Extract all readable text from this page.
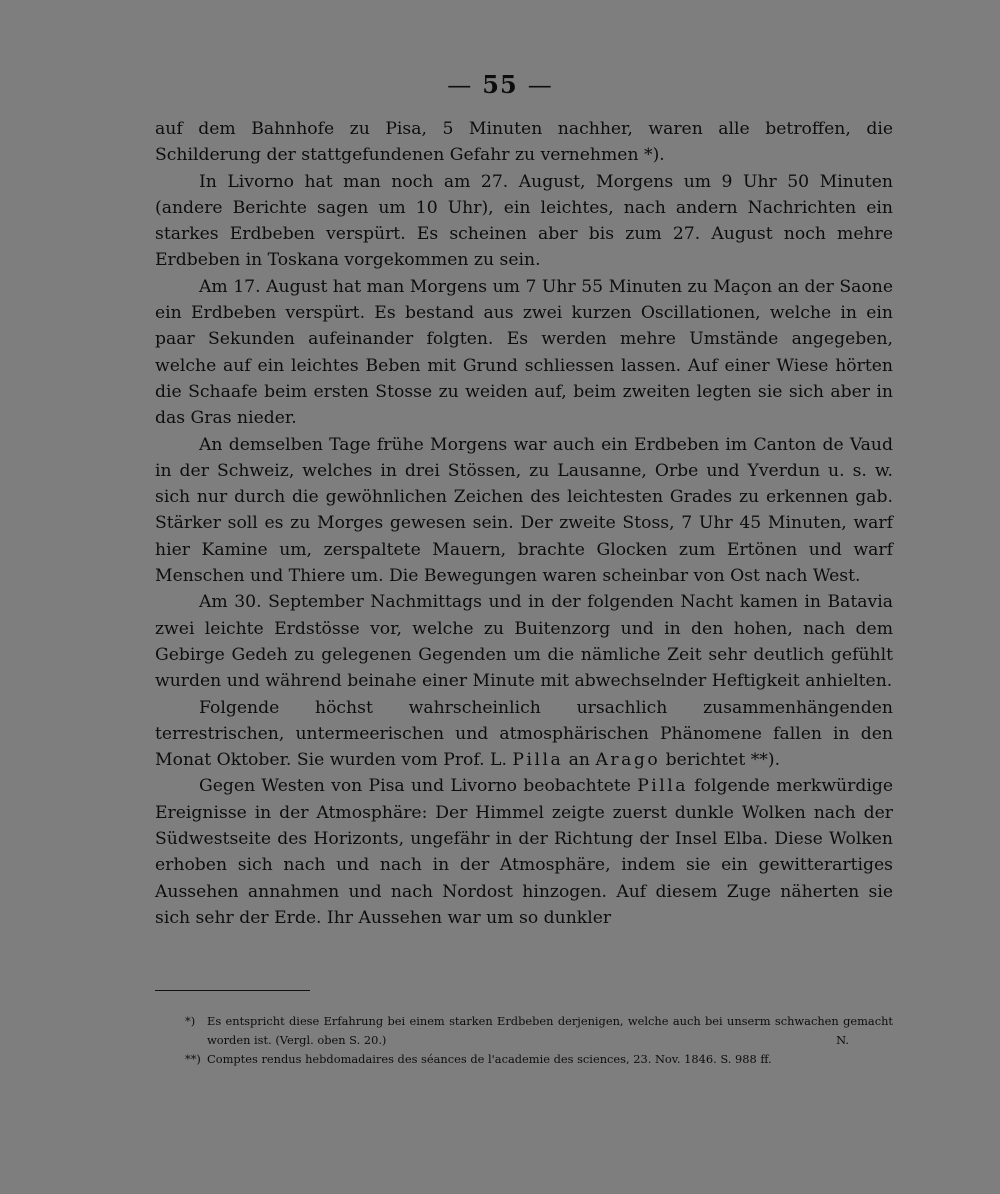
— 55 —

auf dem Bahnhofe zu Pisa, 5 Minuten nachher, waren alle betroffen, die Schilderung der stattgefundenen Gefahr zu vernehmen *).

In Livorno hat man noch am 27. August, Morgens um 9 Uhr 50 Minuten (andere Berichte sagen um 10 Uhr), ein leichtes, nach andern Nachrichten ein starkes Erdbeben verspürt. Es scheinen aber bis zum 27. August noch mehre Erdbeben in Toskana vorgekommen zu sein.

Am 17. August hat man Morgens um 7 Uhr 55 Minuten zu Maçon an der Saone ein Erdbeben verspürt. Es bestand aus zwei kurzen Oscillationen, welche in ein paar Sekunden aufeinander folgten. Es werden mehre Umstände angegeben, welche auf ein leichtes Beben mit Grund schliessen lassen. Auf einer Wiese hörten die Schaafe beim ersten Stosse zu weiden auf, beim zweiten legten sie sich aber in das Gras nieder.

An demselben Tage frühe Morgens war auch ein Erdbeben im Canton de Vaud in der Schweiz, welches in drei Stössen, zu Lausanne, Orbe und Yverdun u. s. w. sich nur durch die gewöhnlichen Zeichen des leichtesten Grades zu erkennen gab. Stärker soll es zu Morges gewesen sein. Der zweite Stoss, 7 Uhr 45 Minuten, warf hier Kamine um, zerspaltete Mauern, brachte Glocken zum Ertönen und warf Menschen und Thiere um. Die Bewegungen waren scheinbar von Ost nach West.

Am 30. September Nachmittags und in der folgenden Nacht kamen in Batavia zwei leichte Erdstösse vor, welche zu Buitenzorg und in den hohen, nach dem Gebirge Gedeh zu gelegenen Gegenden um die nämliche Zeit sehr deutlich gefühlt wurden und während beinahe einer Minute mit abwechselnder Heftigkeit anhielten.

Folgende höchst wahrscheinlich ursachlich zusammenhängenden terrestrischen, untermeerischen und atmosphärischen Phänomene fallen in den Monat Oktober. Sie wurden vom Prof. L. Pilla an Arago berichtet **).

Gegen Westen von Pisa und Livorno beobachtete Pilla folgende merkwürdige Ereignisse in der Atmosphäre: Der Himmel zeigte zuerst dunkle Wolken nach der Südwestseite des Horizonts, ungefähr in der Richtung der Insel Elba. Diese Wolken erhoben sich nach und nach in der Atmosphäre, indem sie ein gewitterartiges Aussehen annahmen und nach Nordost hinzogen. Auf diesem Zuge näherten sie sich sehr der Erde. Ihr Aussehen war um so dunkler

*) Es entspricht diese Erfahrung bei einem starken Erdbeben derjenigen, welche auch bei unserm schwachen gemacht worden ist. (Vergl. oben S. 20.)	N.
**) Comptes rendus hebdomadaires des séances de l'academie des sciences, 23. Nov. 1846. S. 988 ff.
